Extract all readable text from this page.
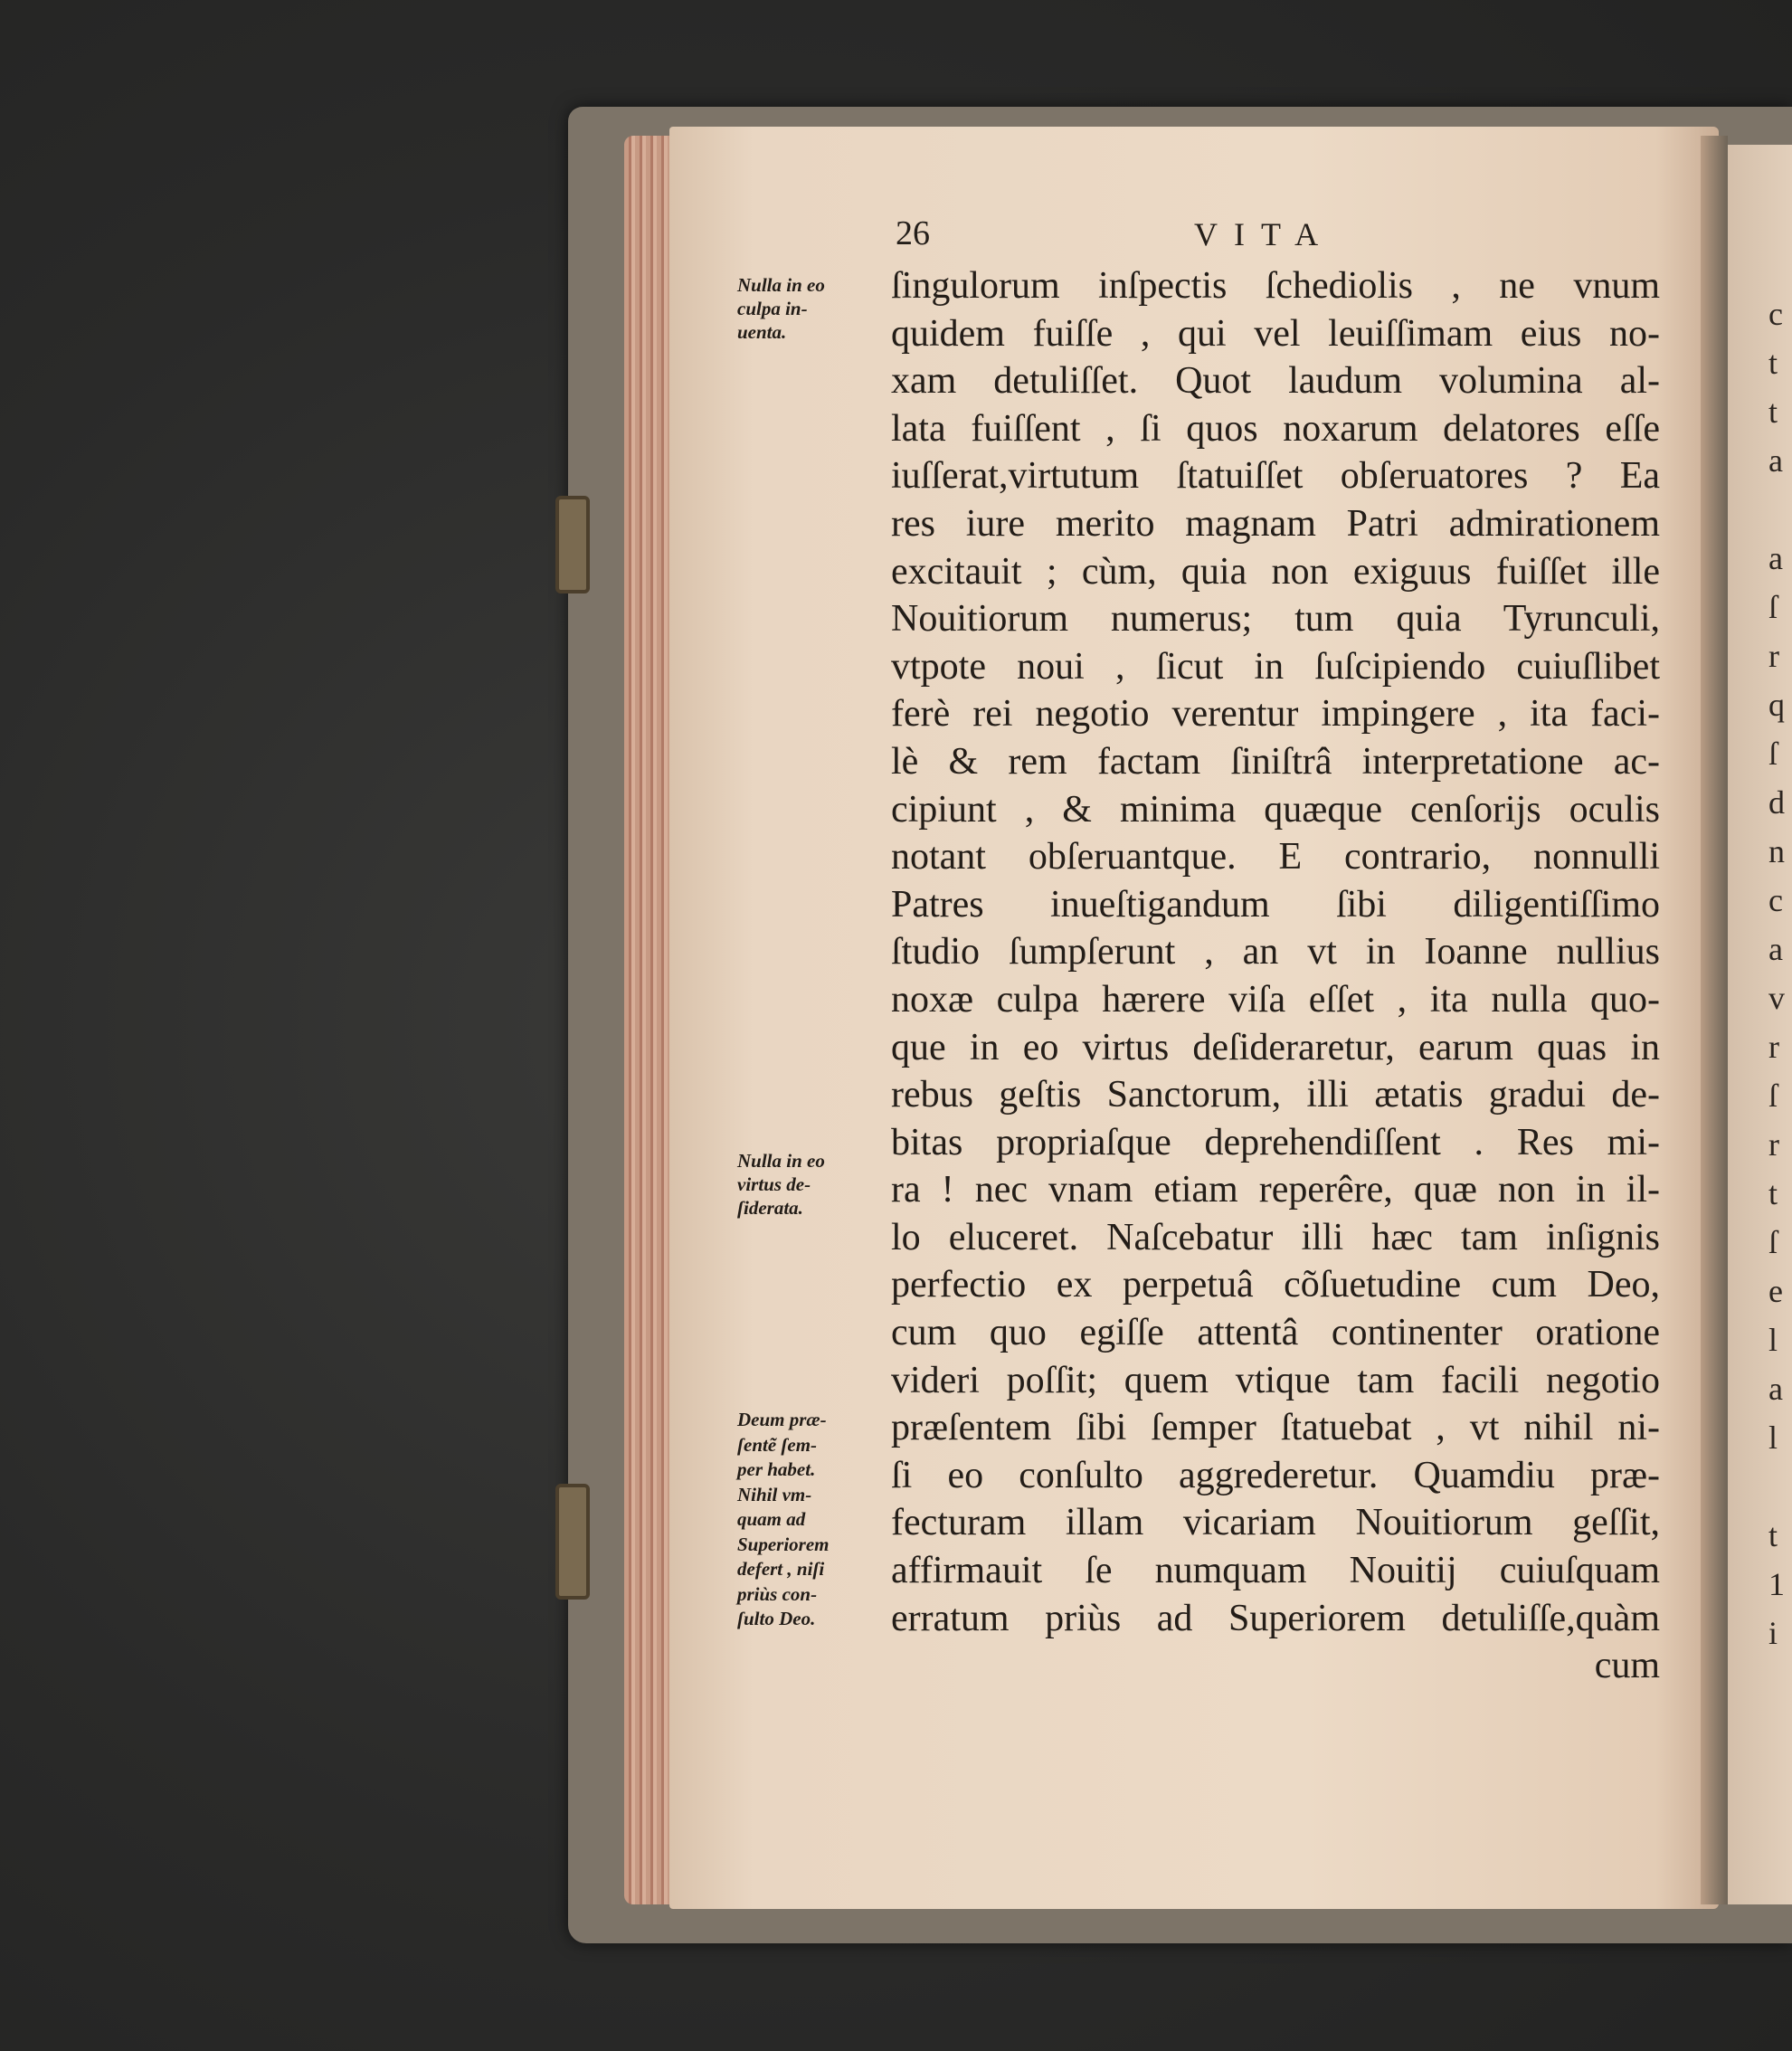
c
t
t
a
a
ſ
r
q
ſ
d
n
c
a
v
r
ſ
r
t
ſ
e
l
a
l
t
1
i
26	VITA
ſingulorum inſpectis ſchediolis , ne vnum
quidem fuiſſe , qui vel leuiſſimam eius no-
xam detuliſſet. Quot laudum volumina al-
lata fuiſſent , ſi quos noxarum delatores eſſe
iuſſerat,virtutum ſtatuiſſet obſeruatores ? Ea
res iure merito magnam Patri admirationem
excitauit ; cùm, quia non exiguus fuiſſet ille
Nouitiorum numerus; tum quia Tyrunculi,
vtpote noui , ſicut in ſuſcipiendo cuiuſlibet
ferè rei negotio verentur impingere , ita faci-
lè & rem factam ſiniſtrâ interpretatione ac-
cipiunt , & minima quæque cenſorijs oculis
notant obſeruantque. E contrario, nonnulli
Patres inueſtigandum ſibi diligentiſſimo
ſtudio ſumpſerunt , an vt in Ioanne nullius
noxæ culpa hærere viſa eſſet , ita nulla quo-
que in eo virtus deſideraretur, earum quas in
rebus geſtis Sanctorum, illi ætatis gradui de-
bitas propriaſque deprehendiſſent . Res mi-
ra ! nec vnam etiam reperêre, quæ non in il-
lo eluceret. Naſcebatur illi hæc tam inſignis
perfectio ex perpetuâ cõſuetudine cum Deo,
cum quo egiſſe attentâ continenter oratione
videri poſſit; quem vtique tam facili negotio
præſentem ſibi ſemper ſtatuebat , vt nihil ni-
ſi eo conſulto aggrederetur. Quamdiu præ-
fecturam illam vicariam Nouitiorum geſſit,
affirmauit ſe numquam Nouitij cuiuſquam
erratum priùs ad Superiorem detuliſſe,quàm
cum
Nulla in eo
culpa in-
uenta.
Nulla in eo
virtus de-
ſiderata.
Deum præ-
ſentẽ ſem-
per habet.
Nihil vm-
quam ad
Superiorem
defert , niſi
priùs con-
ſulto Deo.
